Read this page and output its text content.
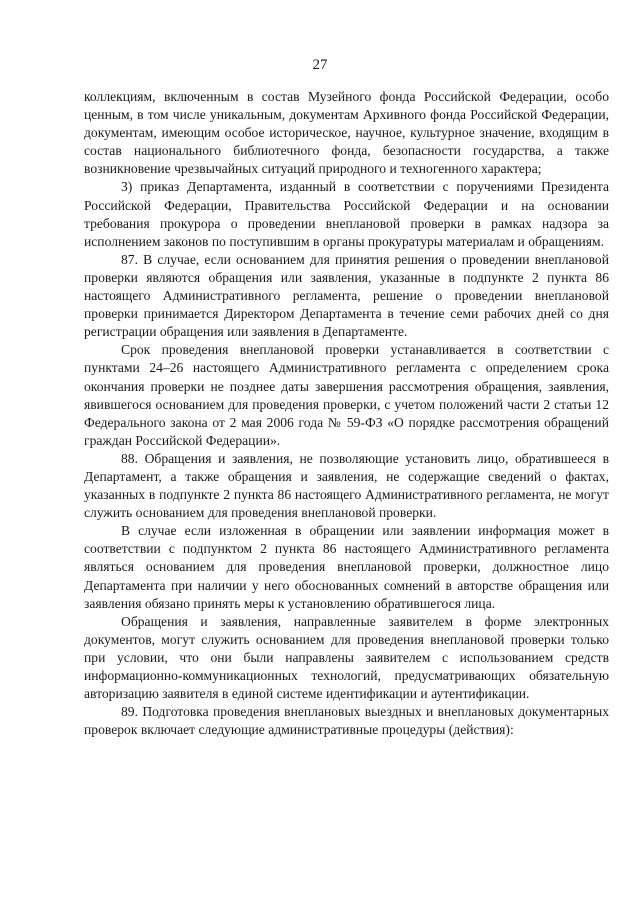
27

коллекциям, включенным в состав Музейного фонда Российской Федерации, особо ценным, в том числе уникальным, документам Архивного фонда Российской Федерации, документам, имеющим особое историческое, научное, культурное значение, входящим в состав национального библиотечного фонда, безопасности государства, а также возникновение чрезвычайных ситуаций природного и техногенного характера;

3) приказ Департамента, изданный в соответствии с поручениями Президента Российской Федерации, Правительства Российской Федерации и на основании требования прокурора о проведении внеплановой проверки в рамках надзора за исполнением законов по поступившим в органы прокуратуры материалам и обращениям.

87. В случае, если основанием для принятия решения о проведении внеплановой проверки являются обращения или заявления, указанные в подпункте 2 пункта 86 настоящего Административного регламента, решение о проведении внеплановой проверки принимается Директором Департамента в течение семи рабочих дней со дня регистрации обращения или заявления в Департаменте.

Срок проведения внеплановой проверки устанавливается в соответствии с пунктами 24–26 настоящего Административного регламента с определением срока окончания проверки не позднее даты завершения рассмотрения обращения, заявления, явившегося основанием для проведения проверки, с учетом положений части 2 статьи 12 Федерального закона от 2 мая 2006 года № 59-ФЗ «О порядке рассмотрения обращений граждан Российской Федерации».

88. Обращения и заявления, не позволяющие установить лицо, обратившееся в Департамент, а также обращения и заявления, не содержащие сведений о фактах, указанных в подпункте 2 пункта 86 настоящего Административного регламента, не могут служить основанием для проведения внеплановой проверки.

В случае если изложенная в обращении или заявлении информация может в соответствии с подпунктом 2 пункта 86 настоящего Административного регламента являться основанием для проведения внеплановой проверки, должностное лицо Департамента при наличии у него обоснованных сомнений в авторстве обращения или заявления обязано принять меры к установлению обратившегося лица.

Обращения и заявления, направленные заявителем в форме электронных документов, могут служить основанием для проведения внеплановой проверки только при условии, что они были направлены заявителем с использованием средств информационно-коммуникационных технологий, предусматривающих обязательную авторизацию заявителя в единой системе идентификации и аутентификации.

89. Подготовка проведения внеплановых выездных и внеплановых документарных проверок включает следующие административные процедуры (действия):
